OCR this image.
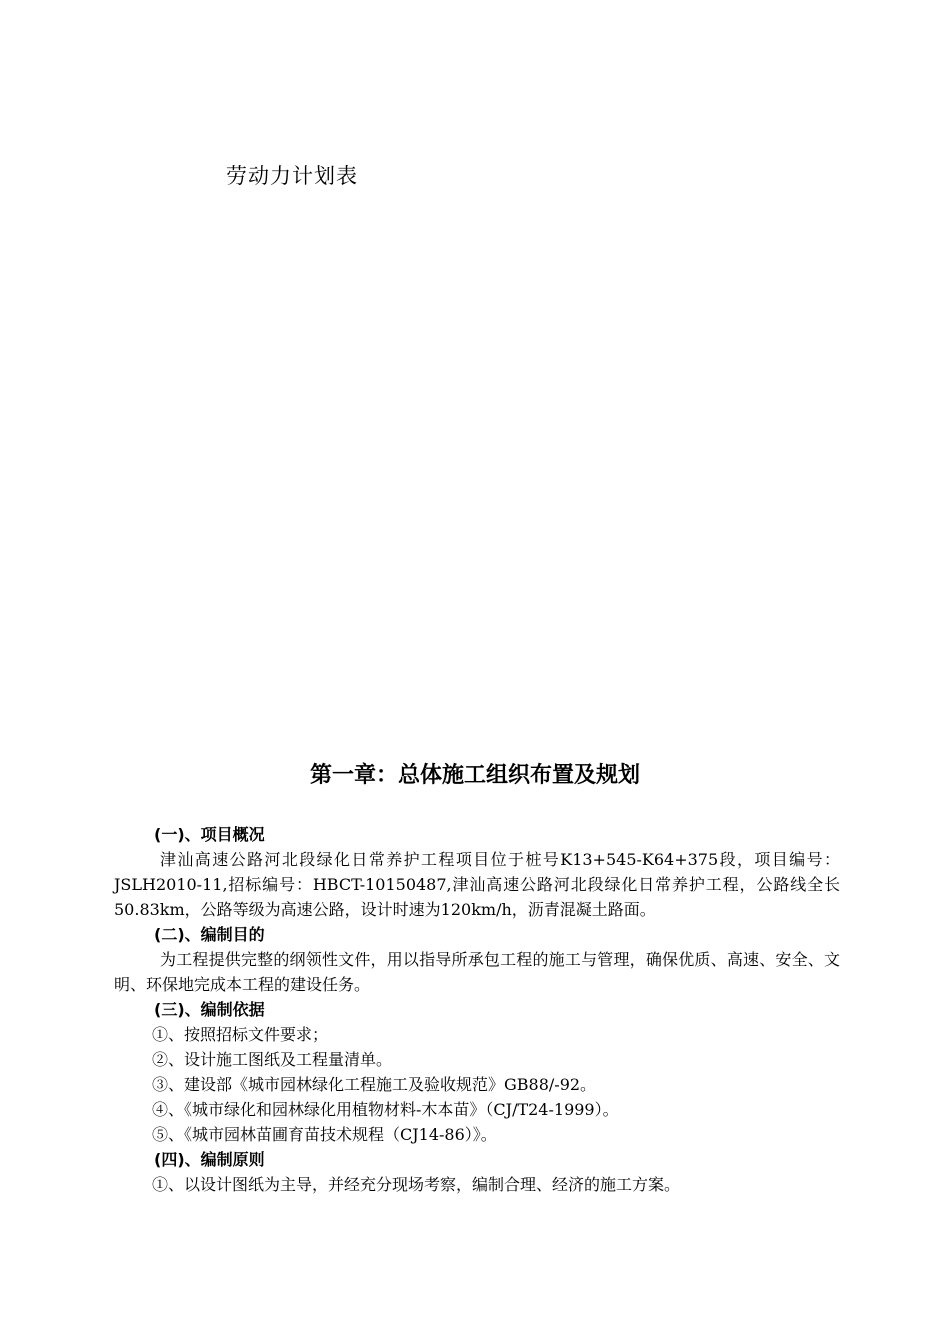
劳动力计划表
第一章：总体施工组织布置及规划
(一)、项目概况
津汕高速公路河北段绿化日常养护工程项目位于桩号K13+545-K64+375段，项目编号：JSLH2010-11,招标编号：HBCT-10150487,津汕高速公路河北段绿化日常养护工程，公路线全长50.83km，公路等级为高速公路，设计时速为120km/h，沥青混凝土路面。
(二)、编制目的
为工程提供完整的纲领性文件，用以指导所承包工程的施工与管理，确保优质、高速、安全、文明、环保地完成本工程的建设任务。
(三)、编制依据
①、按照招标文件要求；
②、设计施工图纸及工程量清单。
③、建设部《城市园林绿化工程施工及验收规范》GB88/-92。
④、《城市绿化和园林绿化用植物材料-木本苗》（CJ/T24-1999）。
⑤、《城市园林苗圃育苗技术规程（CJ14-86）》。
(四)、编制原则
①、以设计图纸为主导，并经充分现场考察，编制合理、经济的施工方案。
